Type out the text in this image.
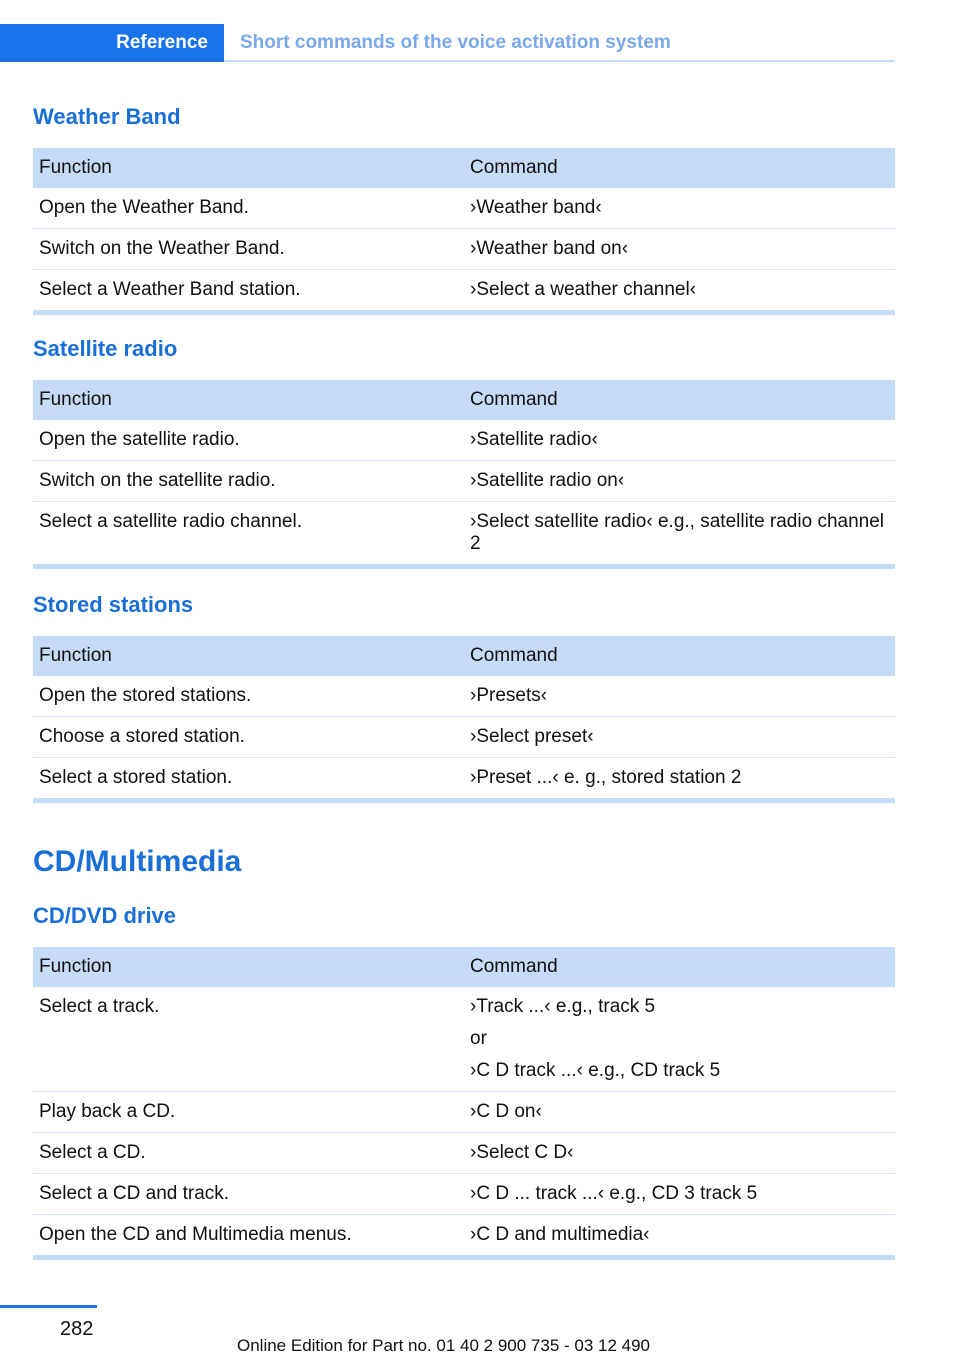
Reference	Short commands of the voice activation system
Weather Band
Function	Command
Open the Weather Band.	›Weather band‹

Switch on the Weather Band.	›Weather band on‹

Select a Weather Band station.	›Select a weather channel‹

Satellite radio
Function	Command
Open the satellite radio.	›Satellite radio‹

Switch on the satellite radio.	›Satellite radio on‹

Select a satellite radio channel.	›Select satellite radio‹ e.g., satellite radio channel 2

Stored stations
Function	Command
Open the stored stations.	›Presets‹

Choose a stored station.	›Select preset‹

Select a stored station.	›Preset ...‹ e. g., stored station 2

CD/Multimedia
CD/DVD drive
Function	Command
Select a track.	›Track ...‹ e.g., track 5

or

›C D track ...‹ e.g., CD track 5

Play back a CD.	›C D on‹

Select a CD.	›Select C D‹

Select a CD and track.	›C D ... track ...‹ e.g., CD 3 track 5

Open the CD and Multimedia menus.	›C D and multimedia‹

282
Online Edition for Part no. 01 40 2 900 735 - 03 12 490
